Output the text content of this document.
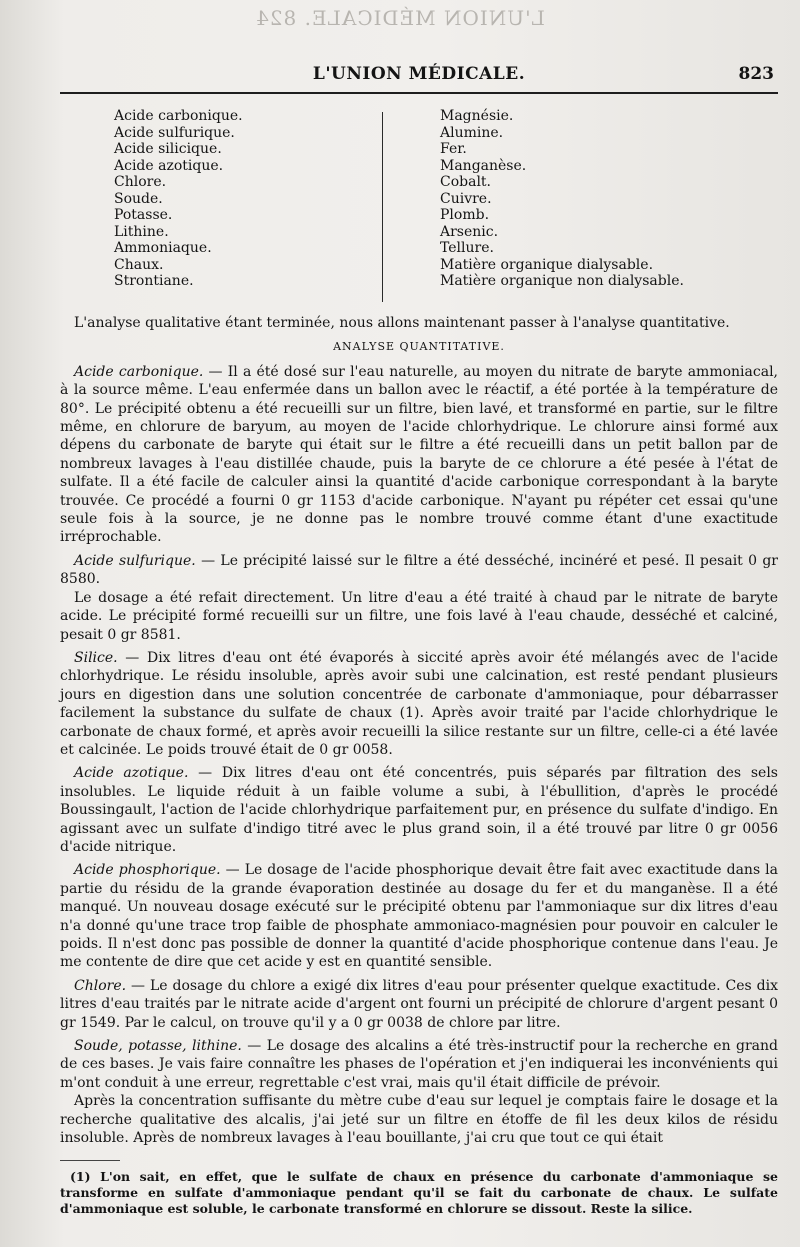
L'UNION MÉDICALE. 824
L'UNION MÉDICALE.	823
Acide carbonique.
Acide sulfurique.
Acide silicique.
Acide azotique.
Chlore.
Soude.
Potasse.
Lithine.
Ammoniaque.
Chaux.
Strontiane.
Magnésie.
Alumine.
Fer.
Manganèse.
Cobalt.
Cuivre.
Plomb.
Arsenic.
Tellure.
Matière organique dialysable.
Matière organique non dialysable.

L'analyse qualitative étant terminée, nous allons maintenant passer à l'analyse quantitative.

ANALYSE QUANTITATIVE.

Acide carbonique. — Il a été dosé sur l'eau naturelle, au moyen du nitrate de baryte ammoniacal, à la source même. L'eau enfermée dans un ballon avec le réactif, a été portée à la température de 80°. Le précipité obtenu a été recueilli sur un filtre, bien lavé, et transformé en partie, sur le filtre même, en chlorure de baryum, au moyen de l'acide chlorhydrique. Le chlorure ainsi formé aux dépens du carbonate de baryte qui était sur le filtre a été recueilli dans un petit ballon par de nombreux lavages à l'eau distillée chaude, puis la baryte de ce chlorure a été pesée à l'état de sulfate. Il a été facile de calculer ainsi la quantité d'acide carbonique correspondant à la baryte trouvée. Ce procédé a fourni 0 gr 1153 d'acide carbonique. N'ayant pu répéter cet essai qu'une seule fois à la source, je ne donne pas le nombre trouvé comme étant d'une exactitude irréprochable.

Acide sulfurique. — Le précipité laissé sur le filtre a été desséché, incinéré et pesé. Il pesait 0 gr 8580.

Le dosage a été refait directement. Un litre d'eau a été traité à chaud par le nitrate de baryte acide. Le précipité formé recueilli sur un filtre, une fois lavé à l'eau chaude, desséché et calciné, pesait 0 gr 8581.

Silice. — Dix litres d'eau ont été évaporés à siccité après avoir été mélangés avec de l'acide chlorhydrique. Le résidu insoluble, après avoir subi une calcination, est resté pendant plusieurs jours en digestion dans une solution concentrée de carbonate d'ammoniaque, pour débarrasser facilement la substance du sulfate de chaux (1). Après avoir traité par l'acide chlorhydrique le carbonate de chaux formé, et après avoir recueilli la silice restante sur un filtre, celle-ci a été lavée et calcinée. Le poids trouvé était de 0 gr 0058.

Acide azotique. — Dix litres d'eau ont été concentrés, puis séparés par filtration des sels insolubles. Le liquide réduit à un faible volume a subi, à l'ébullition, d'après le procédé Boussingault, l'action de l'acide chlorhydrique parfaitement pur, en présence du sulfate d'indigo. En agissant avec un sulfate d'indigo titré avec le plus grand soin, il a été trouvé par litre 0 gr 0056 d'acide nitrique.

Acide phosphorique. — Le dosage de l'acide phosphorique devait être fait avec exactitude dans la partie du résidu de la grande évaporation destinée au dosage du fer et du manganèse. Il a été manqué. Un nouveau dosage exécuté sur le précipité obtenu par l'ammoniaque sur dix litres d'eau n'a donné qu'une trace trop faible de phosphate ammoniaco-magnésien pour pouvoir en calculer le poids. Il n'est donc pas possible de donner la quantité d'acide phosphorique contenue dans l'eau. Je me contente de dire que cet acide y est en quantité sensible.

Chlore. — Le dosage du chlore a exigé dix litres d'eau pour présenter quelque exactitude. Ces dix litres d'eau traités par le nitrate acide d'argent ont fourni un précipité de chlorure d'argent pesant 0 gr 1549. Par le calcul, on trouve qu'il y a 0 gr 0038 de chlore par litre.

Soude, potasse, lithine. — Le dosage des alcalins a été très-instructif pour la recherche en grand de ces bases. Je vais faire connaître les phases de l'opération et j'en indiquerai les inconvénients qui m'ont conduit à une erreur, regrettable c'est vrai, mais qu'il était difficile de prévoir.

Après la concentration suffisante du mètre cube d'eau sur lequel je comptais faire le dosage et la recherche qualitative des alcalis, j'ai jeté sur un filtre en étoffe de fil les deux kilos de résidu insoluble. Après de nombreux lavages à l'eau bouillante, j'ai cru que tout ce qui était

(1) L'on sait, en effet, que le sulfate de chaux en présence du carbonate d'ammoniaque se transforme en sulfate d'ammoniaque pendant qu'il se fait du carbonate de chaux. Le sulfate d'ammoniaque est soluble, le carbonate transformé en chlorure se dissout. Reste la silice.
